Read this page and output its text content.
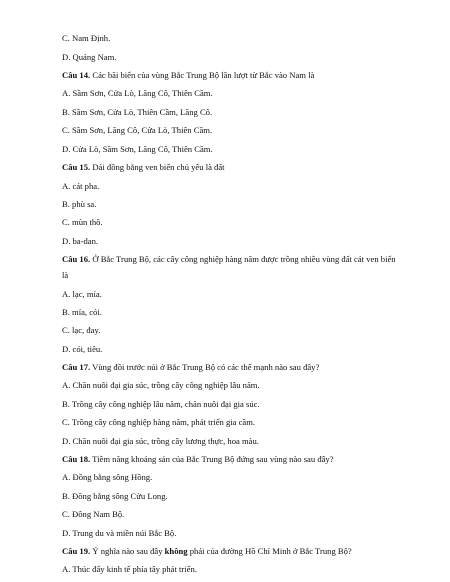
C. Nam Định.
D. Quảng Nam.
Câu 14. Các bãi biển của vùng Bắc Trung Bộ lần lượt từ Bắc vào Nam là
A. Sầm Sơn, Cửa Lò, Lăng Cô, Thiên Cầm.
B. Sầm Sơn, Cửa Lò, Thiên Cầm, Lăng Cô.
C. Sầm Sơn, Lăng Cô, Cửa Lò, Thiên Cầm.
D. Cửa Lò, Sầm Sơn, Lăng Cô, Thiên Cầm.
Câu 15. Dải đồng bằng ven biển chủ yếu là đất
A. cát pha.
B. phù sa.
C. mùn thô.
D. ba-dan.
Câu 16. Ở Bắc Trung Bộ, các cây công nghiệp hàng năm được trồng nhiều vùng đất cát ven biển
là
A. lạc, mía.
B. mía, cói.
C. lạc, đay.
D. cói, tiêu.
Câu 17. Vùng đồi trước núi ở Bắc Trung Bộ có các thế mạnh nào sau đây?
A. Chăn nuôi đại gia súc, trồng cây công nghiệp lâu năm.
B. Trồng cây công nghiệp lâu năm, chăn nuôi đại gia súc.
C. Trồng cây công nghiệp hàng năm, phát triển gia cầm.
D. Chăn nuôi đại gia súc, trồng cây lương thực, hoa màu.
Câu 18. Tiềm năng khoáng sản của Bắc Trung Bộ đứng sau vùng nào sau đây?
A. Đồng bằng sông Hồng.
B. Đồng bằng sông Cửu Long.
C. Đông Nam Bộ.
D. Trung du và miền núi Bắc Bộ.
Câu 19. Ý nghĩa nào sau đây không phải của đường Hồ Chí Minh ở Bắc Trung Bộ?
A. Thúc đẩy kinh tế phía tây phát triển.
